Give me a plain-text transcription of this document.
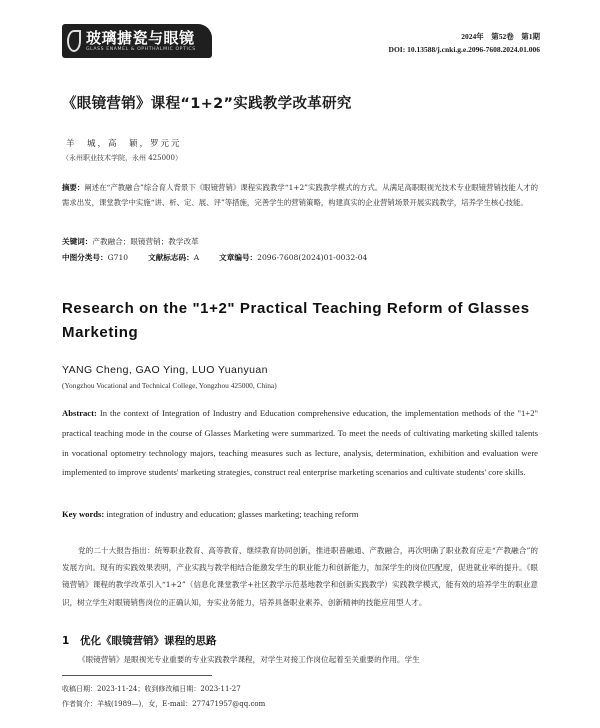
玻璃搪瓷与眼镜
GLASS ENAMEL & OPHTHALMIC OPTICS
2024年　第52卷　第1期
DOI: 10.13588/j.cnki.g.e.2096-7608.2024.01.006
《眼镜营销》课程“1+2”实践教学改革研究
羊　城，高　颖，罗元元
（永州职业技术学院，永州 425000）
摘要：阐述在“产教融合”综合育人背景下《眼镜营销》课程实践教学“1+2”实践教学模式的方式。从满足高职眼视光技术专业眼镜营销技能人才的需求出发，课堂教学中实施“讲、析、定、展、评”等措施，完善学生的营销策略，构建真实的企业营销场景开展实践教学，培养学生核心技能。
关键词：产教融合；眼镜营销；教学改革
中图分类号：G710	文献标志码：A	文章编号：2096-7608(2024)01-0032-04
Research on the "1+2" Practical Teaching Reform of Glasses Marketing
YANG Cheng, GAO Ying, LUO Yuanyuan
(Yongzhou Vocational and Technical College, Yongzhou 425000, China)
Abstract: In the context of Integration of Industry and Education comprehensive education, the implementation methods of the "1+2" practical teaching mode in the course of Glasses Marketing were summarized. To meet the needs of cultivating marketing skilled talents in vocational optometry technology majors, teaching measures such as lecture, analysis, determination, exhibition and evaluation were implemented to improve students' marketing strategies, construct real enterprise marketing scenarios and cultivate students' core skills.
Key words: integration of industry and education; glasses marketing; teaching reform
党的二十大报告指出：统筹职业教育、高等教育、继续教育协同创新，推进职普融通、产教融合，再次明确了职业教育应走“产教融合”的发展方向。现有的实践效果表明，产业实践与教学相结合能激发学生的职业能力和创新能力，加深学生的岗位匹配度，促进就业率的提升。《眼镜营销》课程的教学改革引入“1+2”（信息化课堂教学+社区教学示范基地教学和创新实践教学）实践教学模式，能有效的培养学生的职业意识，树立学生对眼镜销售岗位的正确认知，夯实业务能力，培养具备职业素养、创新精神的技能应用型人才。
1 优化《眼镜营销》课程的思路
《眼镜营销》是眼视光专业重要的专业实践教学课程，对学生对接工作岗位起着至关重要的作用。学生
收稿日期：2023-11-24；收到修改稿日期：2023-11-27
作者简介：羊城(1989—)，女，E-mail：277471957@qq.com
